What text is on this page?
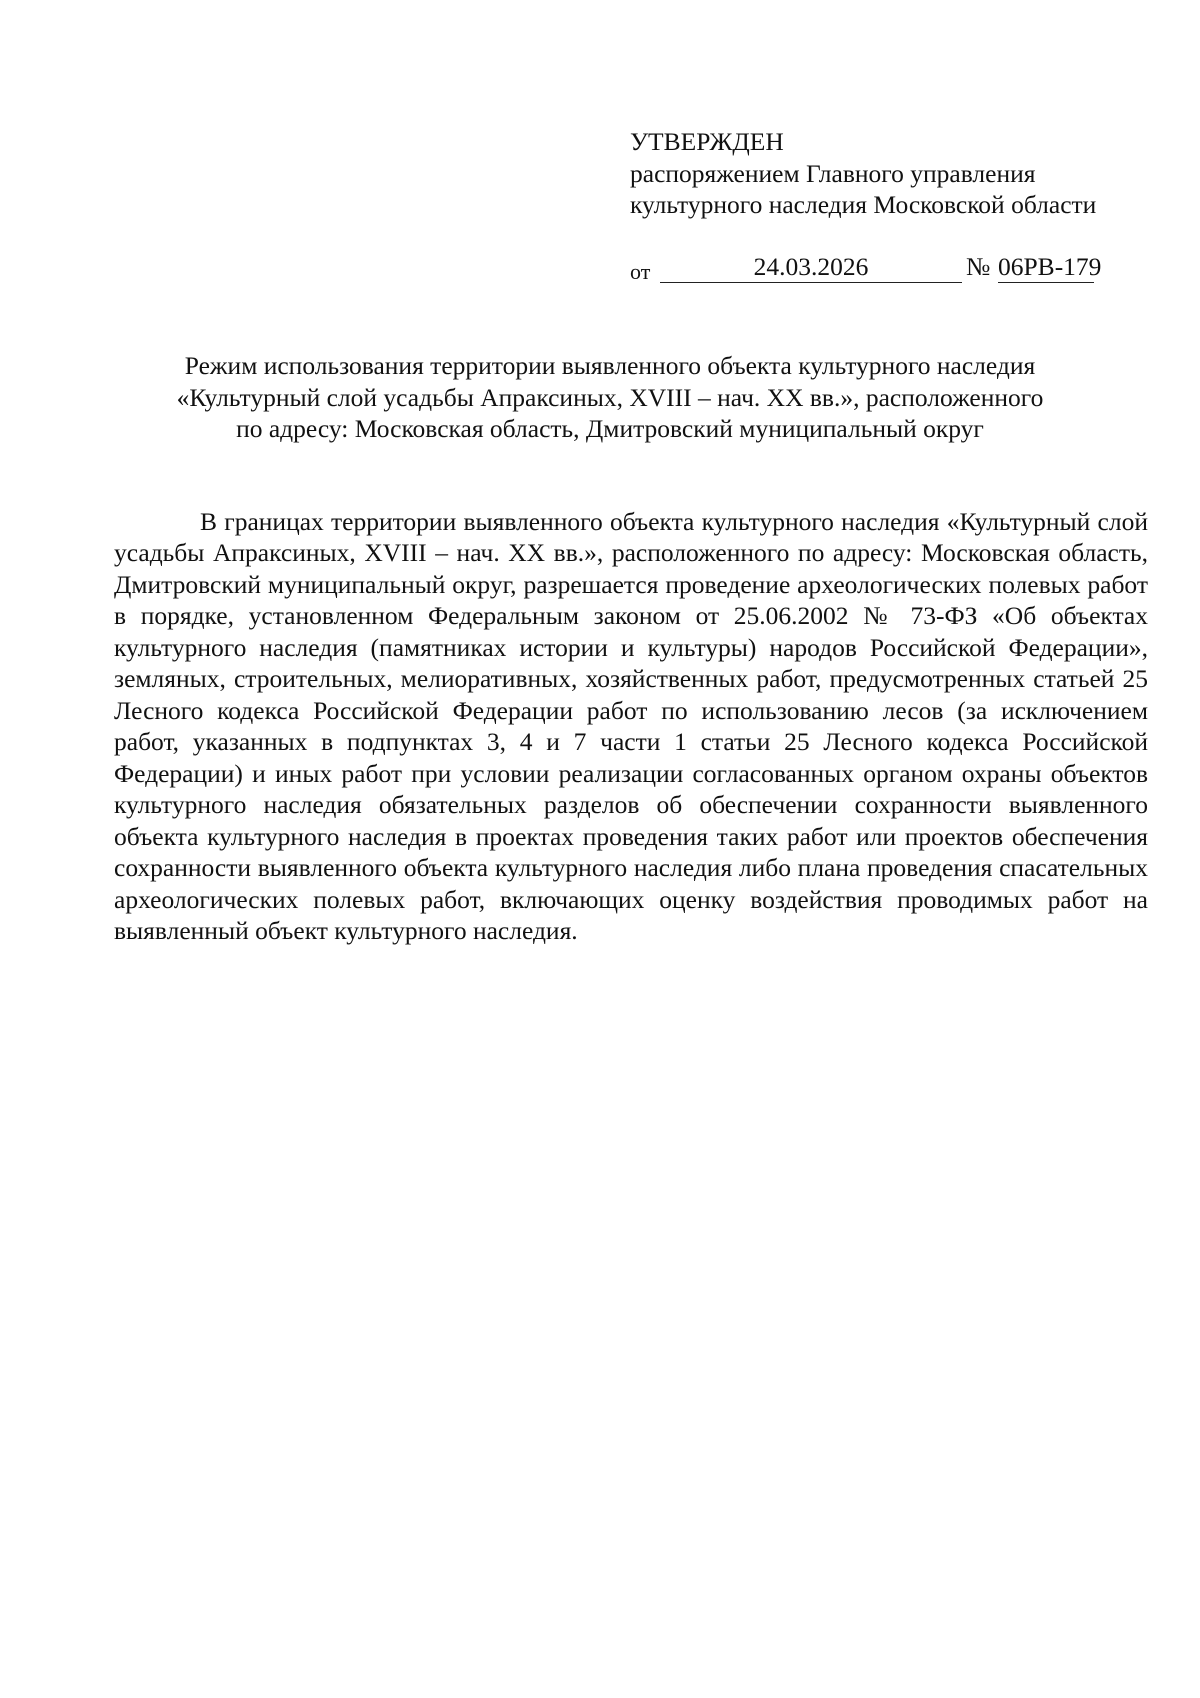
УТВЕРЖДЕН
распоряжением Главного управления
культурного наследия Московской области
от	24.03.2026	№ 06РВ-179
Режим использования территории выявленного объекта культурного наследия
«Культурный слой усадьбы Апраксиных, XVIII – нач. XX вв.», расположенного
по адресу: Московская область, Дмитровский муниципальный округ

В границах территории выявленного объекта культурного наследия «Культурный слой усадьбы Апраксиных, XVIII – нач. XX вв.», расположенного по адресу: Московская область, Дмитровский муниципальный округ, разрешается проведение археологических полевых работ в порядке, установленном Федеральным законом от 25.06.2002 № 73-ФЗ «Об объектах культурного наследия (памятниках истории и культуры) народов Российской Федерации», земляных, строительных, мелиоративных, хозяйственных работ, предусмотренных статьей 25 Лесного кодекса Российской Федерации работ по использованию лесов (за исключением работ, указанных в подпунктах 3, 4 и 7 части 1 статьи 25 Лесного кодекса Российской Федерации) и иных работ при условии реализации согласованных органом охраны объектов культурного наследия обязательных разделов об обеспечении сохранности выявленного объекта культурного наследия в проектах проведения таких работ или проектов обеспечения сохранности выявленного объекта культурного наследия либо плана проведения спасательных археологических полевых работ, включающих оценку воздействия проводимых работ на выявленный объект культурного наследия.
